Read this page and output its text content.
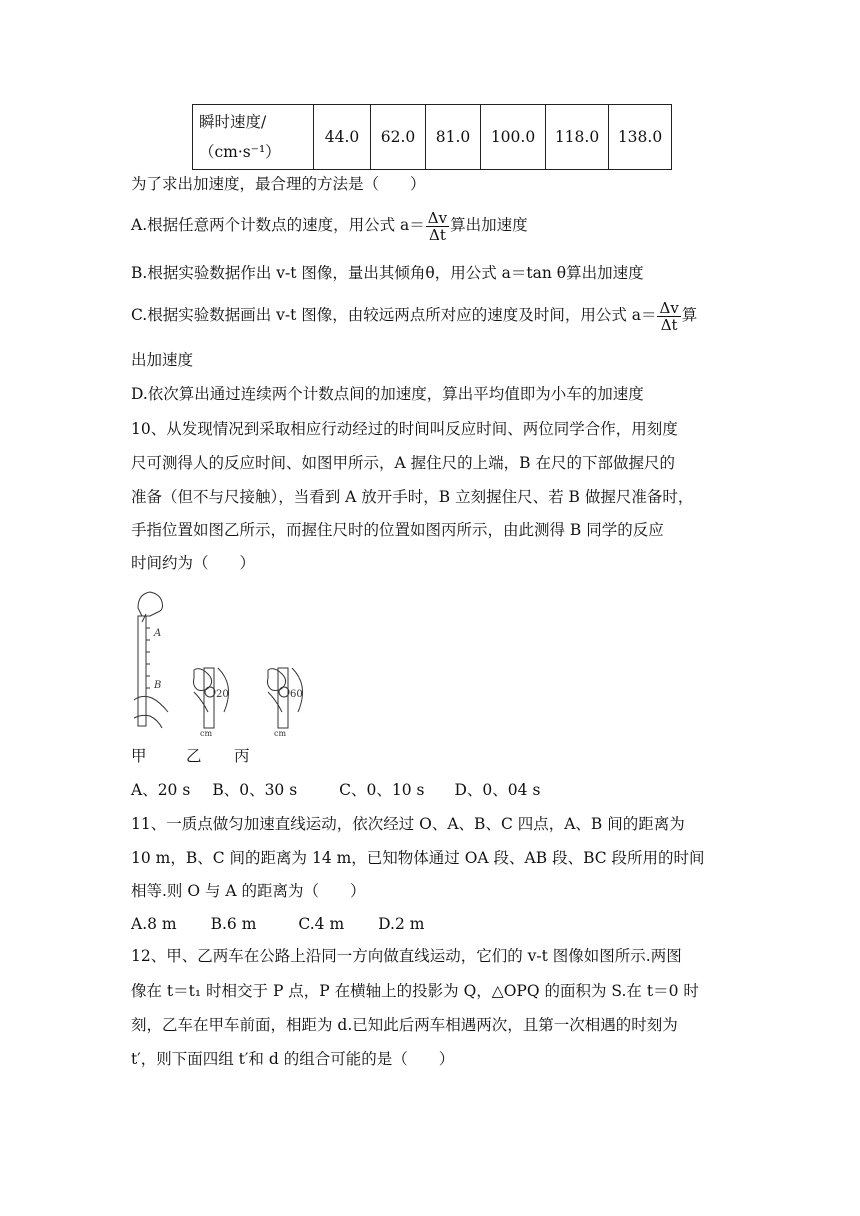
瞬时速度/
（cm·s⁻¹）
	44.0	62.0	81.0	100.0	118.0	138.0
为了求出加速度，最合理的方法是（　　）
A.根据任意两个计数点的速度，用公式 $a= \frac{\Delta v}{\Delta t}$ 算出加速度
B.根据实验数据作出 v-t 图像，量出其倾角θ，用公式 a＝tan θ算出加速度
C.根据实验数据画出 v-t 图像，由较远两点所对应的速度及时间，用公式 $a= \frac{\Delta v}{\Delta t}$ 算
出加速度
D.依次算出通过连续两个计数点间的加速度，算出平均值即为小车的加速度
10、从发现情况到采取相应行动经过的时间叫反应时间、两位同学合作，用刻度
尺可测得人的反应时间、如图甲所示，A 握住尺的上端，B 在尺的下部做握尺的
准备（但不与尺接触），当看到 A 放开手时，B 立刻握住尺、若 B 做握尺准备时，
手指位置如图乙所示，而握住尺时的位置如图丙所示，由此测得 B 同学的反应
时间约为（　　）
A
B
20
cm
60
cm
甲	乙 丙
A、20 s B、0、30 s	C、0、10 s D、0、04 s
11、一质点做匀加速直线运动，依次经过 O、A、B、C 四点，A、B 间的距离为
10 m，B、C 间的距离为 14 m，已知物体通过 OA 段、AB 段、BC 段所用的时间
相等.则 O 与 A 的距离为（　　）
A.8 m B.6 m	C.4 m D.2 m
12、甲、乙两车在公路上沿同一方向做直线运动，它们的 v-t 图像如图所示.两图
像在 t＝t₁ 时相交于 P 点，P 在横轴上的投影为 Q，△OPQ 的面积为 S.在 t＝0 时
刻，乙车在甲车前面，相距为 d.已知此后两车相遇两次，且第一次相遇的时刻为
t′，则下面四组 t′和 d 的组合可能的是（　　）
